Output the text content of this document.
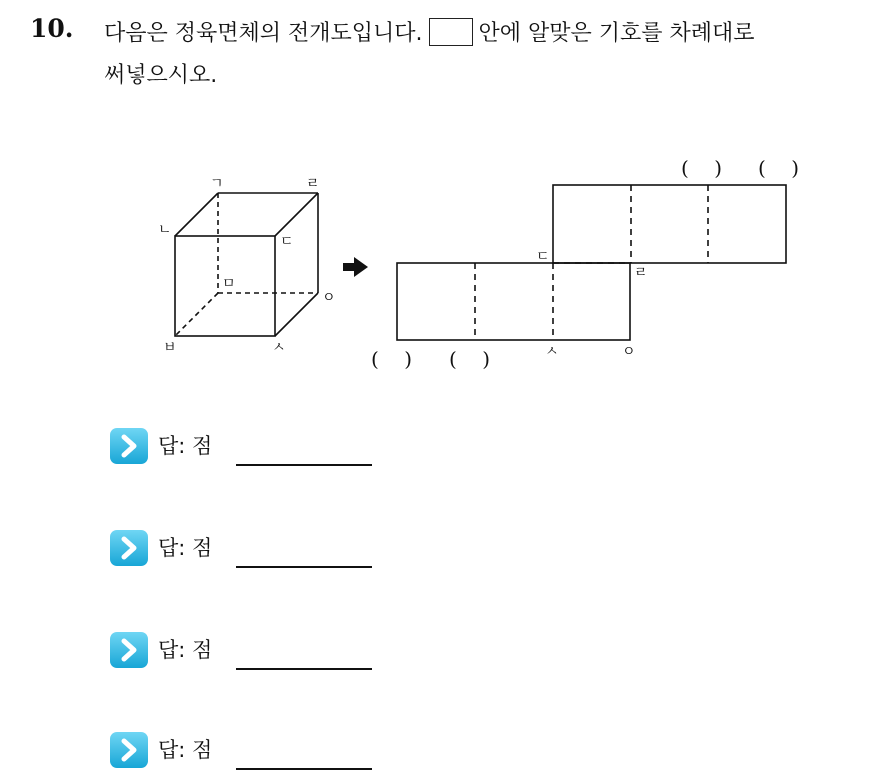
10. 다음은 정육면체의 전개도입니다.	안에 알맞은 기호를 차례대로
써넣으시오.
ㄱ	ㄹ
ㄴ
ㄷ
ㅁ
ㅇ
ㅂ	ㅅ
ㄷ
ㄹ
ㅅ	ㅇ
(    ) (    )
(    ) (    )
답: 점
답: 점
답: 점
답: 점
